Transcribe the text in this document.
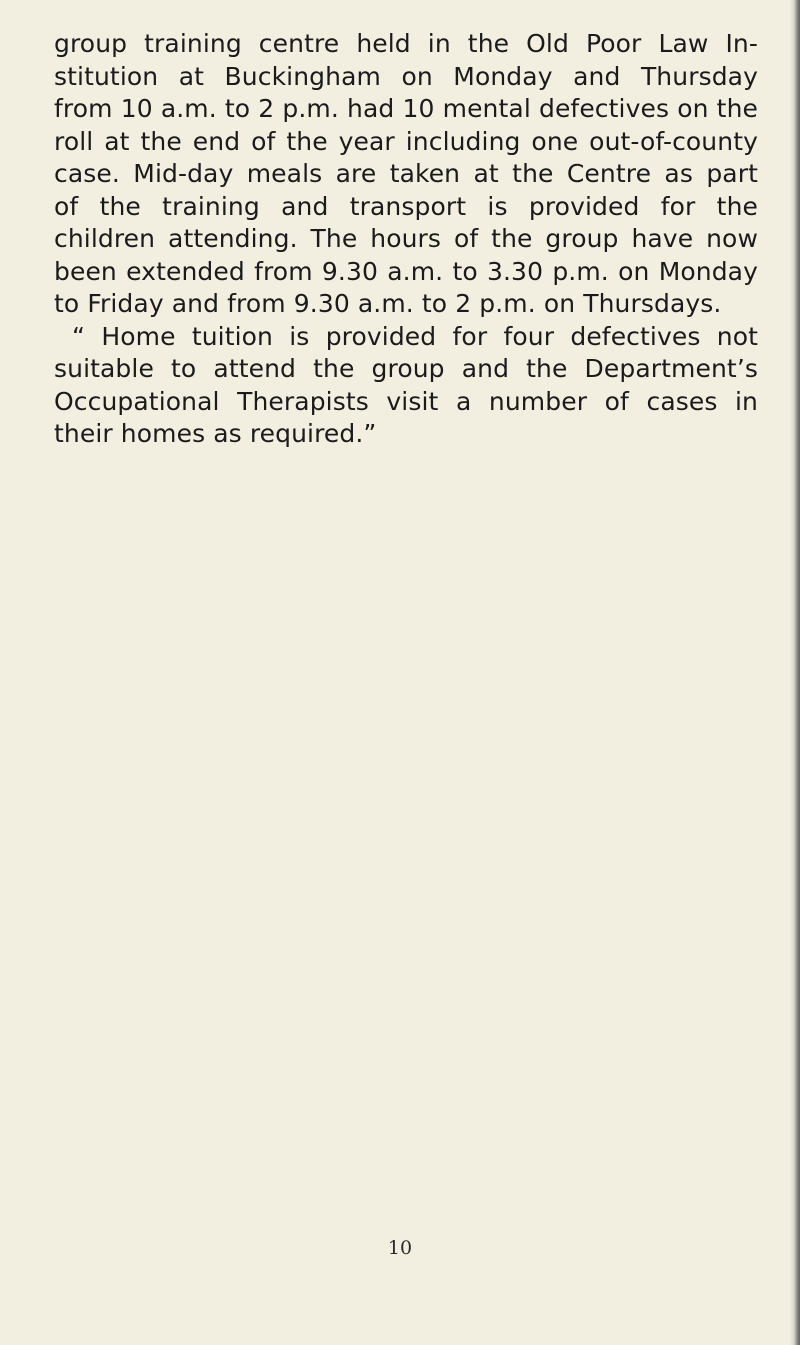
group training centre held in the Old Poor Law In-
stitution at Buckingham on Monday and Thursday
from 10 a.m. to 2 p.m. had 10 mental defectives on the
roll at the end of the year including one out-of-county
case. Mid-day meals are taken at the Centre as part
of the training and transport is provided for the
children attending. The hours of the group have now
been extended from 9.30 a.m. to 3.30 p.m. on Monday
to Friday and from 9.30 a.m. to 2 p.m. on Thursdays.
“ Home tuition is provided for four defectives not
suitable to attend the group and the Department’s
Occupational Therapists visit a number of cases in
their homes as required.”

10
